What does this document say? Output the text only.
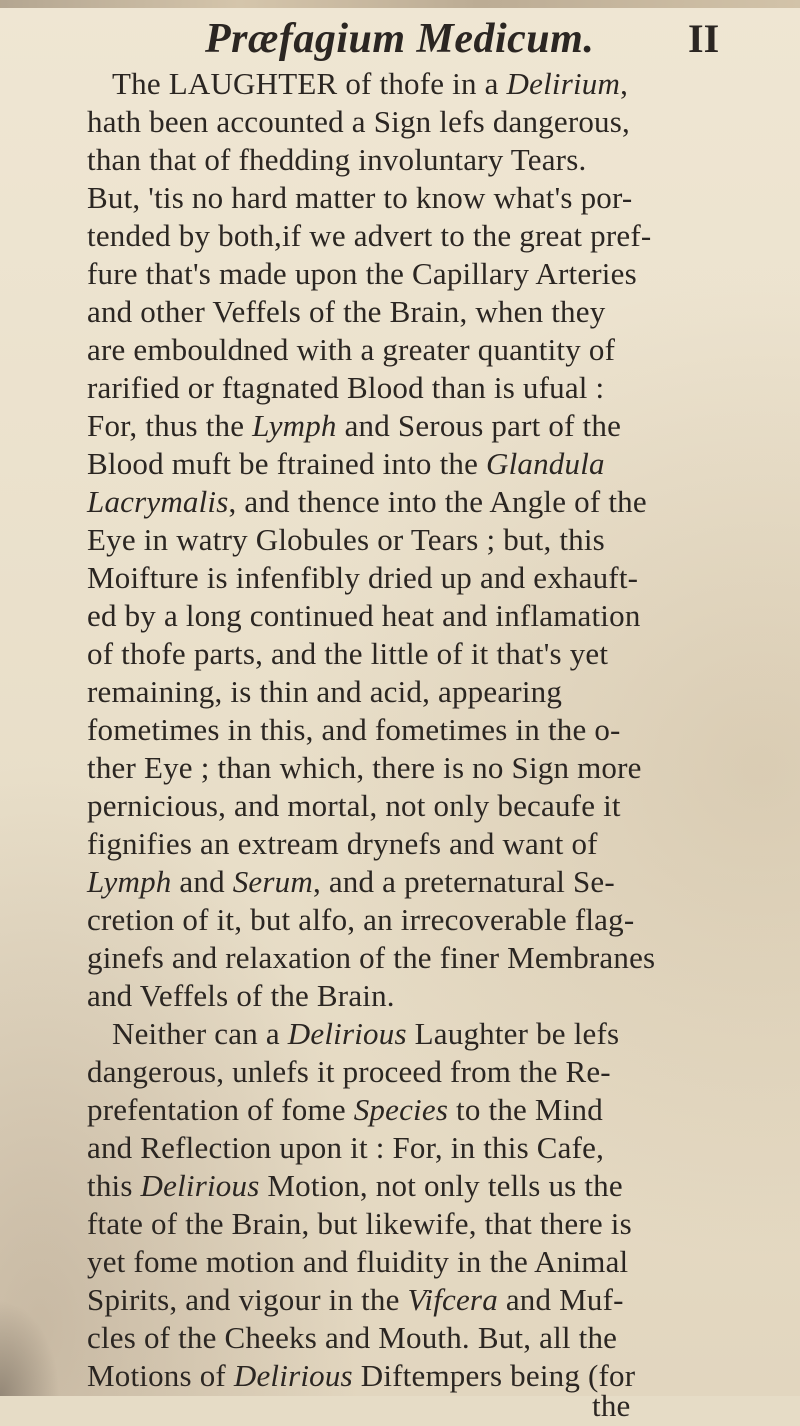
Præfagium Medicum. II
The LAUGHTER of thofe in a Delirium,
hath been accounted a Sign lefs dangerous,
than that of fhedding involuntary Tears.
But, 'tis no hard matter to know what's por-
tended by both,if we advert to the great pref-
fure that's made upon the Capillary Arteries
and other Veffels of the Brain, when they
are embouldned with a greater quantity of
rarified or ftagnated Blood than is ufual :
For, thus the Lymph and Serous part of the
Blood muft be ftrained into the Glandula
Lacrymalis, and thence into the Angle of the
Eye in watry Globules or Tears ; but, this
Moifture is infenfibly dried up and exhauft-
ed by a long continued heat and inflamation
of thofe parts, and the little of it that's yet
remaining, is thin and acid, appearing
fometimes in this, and fometimes in the o-
ther Eye ; than which, there is no Sign more
pernicious, and mortal, not only becaufe it
fignifies an extream drynefs and want of
Lymph and Serum, and a preternatural Se-
cretion of it, but alfo, an irrecoverable flag-
ginefs and relaxation of the finer Membranes
and Veffels of the Brain.
Neither can a Delirious Laughter be lefs
dangerous, unlefs it proceed from the Re-
prefentation of fome Species to the Mind
and Reflection upon it : For, in this Cafe,
this Delirious Motion, not only tells us the
ftate of the Brain, but likewife, that there is
yet fome motion and fluidity in the Animal
Spirits, and vigour in the Vifcera and Muf-
cles of the Cheeks and Mouth. But, all the
Motions of Delirious Diftempers being (for
the
